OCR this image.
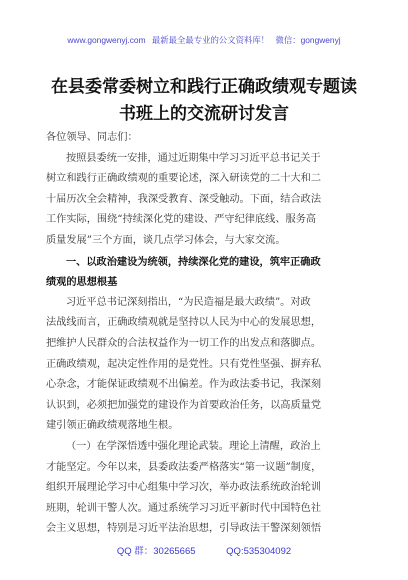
www.gongwenyj.com 最新最全最专业的公文资料库！ 微信：gongwenyj
在县委常委树立和践行正确政绩观专题读
书班上的交流研讨发言
各位领导、同志们：
按照县委统一安排，通过近期集中学习习近平总书记关于
树立和践行正确政绩观的重要论述，深入研读党的二十大和二
十届历次全会精神，我深受教育、深受触动。下面，结合政法
工作实际，围绕“持续深化党的建设、严守纪律底线、服务高
质量发展”三个方面，谈几点学习体会，与大家交流。
一、以政治建设为统领，持续深化党的建设，筑牢正确政
绩观的思想根基
习近平总书记深刻指出，“为民造福是最大政绩”。对政
法战线而言，正确政绩观就是坚持以人民为中心的发展思想，
把维护人民群众的合法权益作为一切工作的出发点和落脚点。
正确政绩观，起决定性作用的是党性。只有党性坚强、摒弃私
心杂念，才能保证政绩观不出偏差。作为政法委书记，我深刻
认识到，必须把加强党的建设作为首要政治任务，以高质量党
建引领正确政绩观落地生根。
（一）在学深悟透中强化理论武装。理论上清醒，政治上
才能坚定。今年以来，县委政法委严格落实“第一议题”制度，
组织开展理论学习中心组集中学习次，举办政法系统政治轮训
班期，轮训干警人次。通过系统学习习近平新时代中国特色社
会主义思想，特别是习近平法治思想，引导政法干警深刻领悟
QQ 群：30265665	QQ:535304092
